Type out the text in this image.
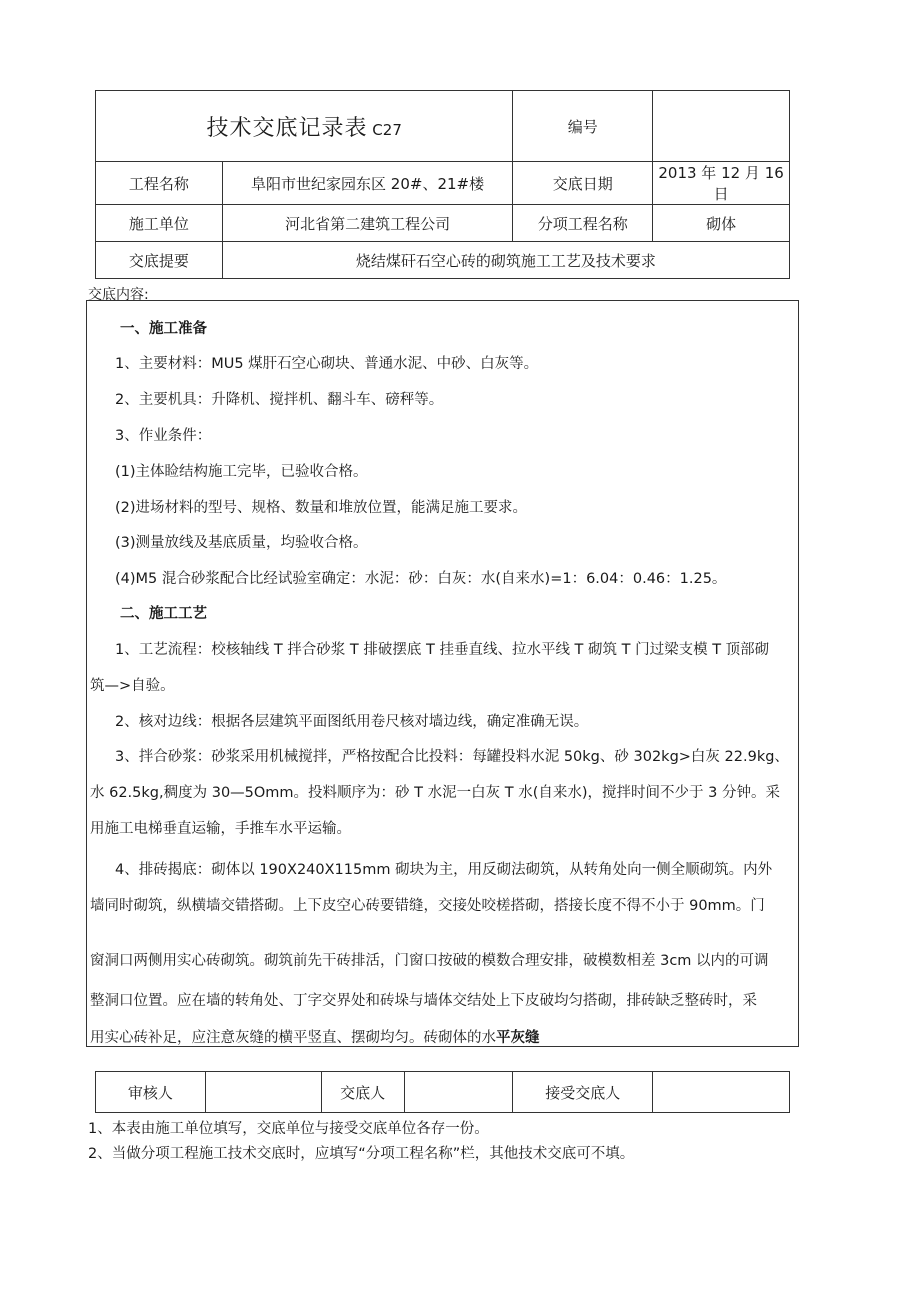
技术交底记录表 C27		编号	
工程名称	阜阳市世纪家园东区 20#、21#楼	交底日期	2013 年 12 月 16 日
施工单位	河北省第二建筑工程公司	分项工程名称	砌体
交底提要	烧结煤矸石空心砖的砌筑施工工艺及技术要求		
交底内容:
一、施工准备
1、主要材料：MU5 煤肝石空心砌块、普通水泥、中砂、白灰等。
2、主要机具：升降机、搅拌机、翻斗车、磅秤等。
3、作业条件：
(1)主体睑结构施工完毕，已验收合格。
(2)进场材料的型号、规格、数量和堆放位置，能满足施工要求。
(3)测量放线及基底质量，均验收合格。
(4)M5 混合砂浆配合比经试验室确定：水泥：砂：白灰：水(自来水)=1：6.04：0.46：1.25。
二、施工工艺
1、工艺流程：校核轴线 T 拌合砂浆 T 排破摆底 T 挂垂直线、拉水平线 T 砌筑 T 门过梁支模 T 顶部砌
筑—>自验。
2、核对边线：根据各层建筑平面图纸用卷尺核对墙边线，确定准确无误。
3、拌合砂浆：砂浆采用机械搅拌，严格按配合比投料：每罐投料水泥 50kg、砂 302kg>白灰 22.9kg、
水 62.5kg,稠度为 30—5Omm。投料顺序为：砂 T 水泥一白灰 T 水(自来水)，搅拌时间不少于 3 分钟。采
用施工电梯垂直运输，手推车水平运输。
4、排砖揭底：砌体以 190X240X115mm 砌块为主，用反砌法砌筑，从转角处向一侧全顺砌筑。内外
墙同时砌筑，纵横墙交错搭砌。上下皮空心砖要错缝，交接处咬槎搭砌，搭接长度不得不小于 90mm。门
窗洞口两侧用实心砖砌筑。砌筑前先干砖排活，门窗口按破的模数合理安排，破模数相差 3cm 以内的可调
整洞口位置。应在墙的转角处、丁字交界处和砖垛与墙体交结处上下皮破均匀搭砌，排砖缺乏整砖时，采
用实心砖补足，应注意灰缝的横平竖直、摆砌均匀。砖砌体的水平灰缝
审核人		交底人		接受交底人	
1、本表由施工单位填写，交底单位与接受交底单位各存一份。
2、当做分项工程施工技术交底时，应填写“分项工程名称”栏，其他技术交底可不填。
